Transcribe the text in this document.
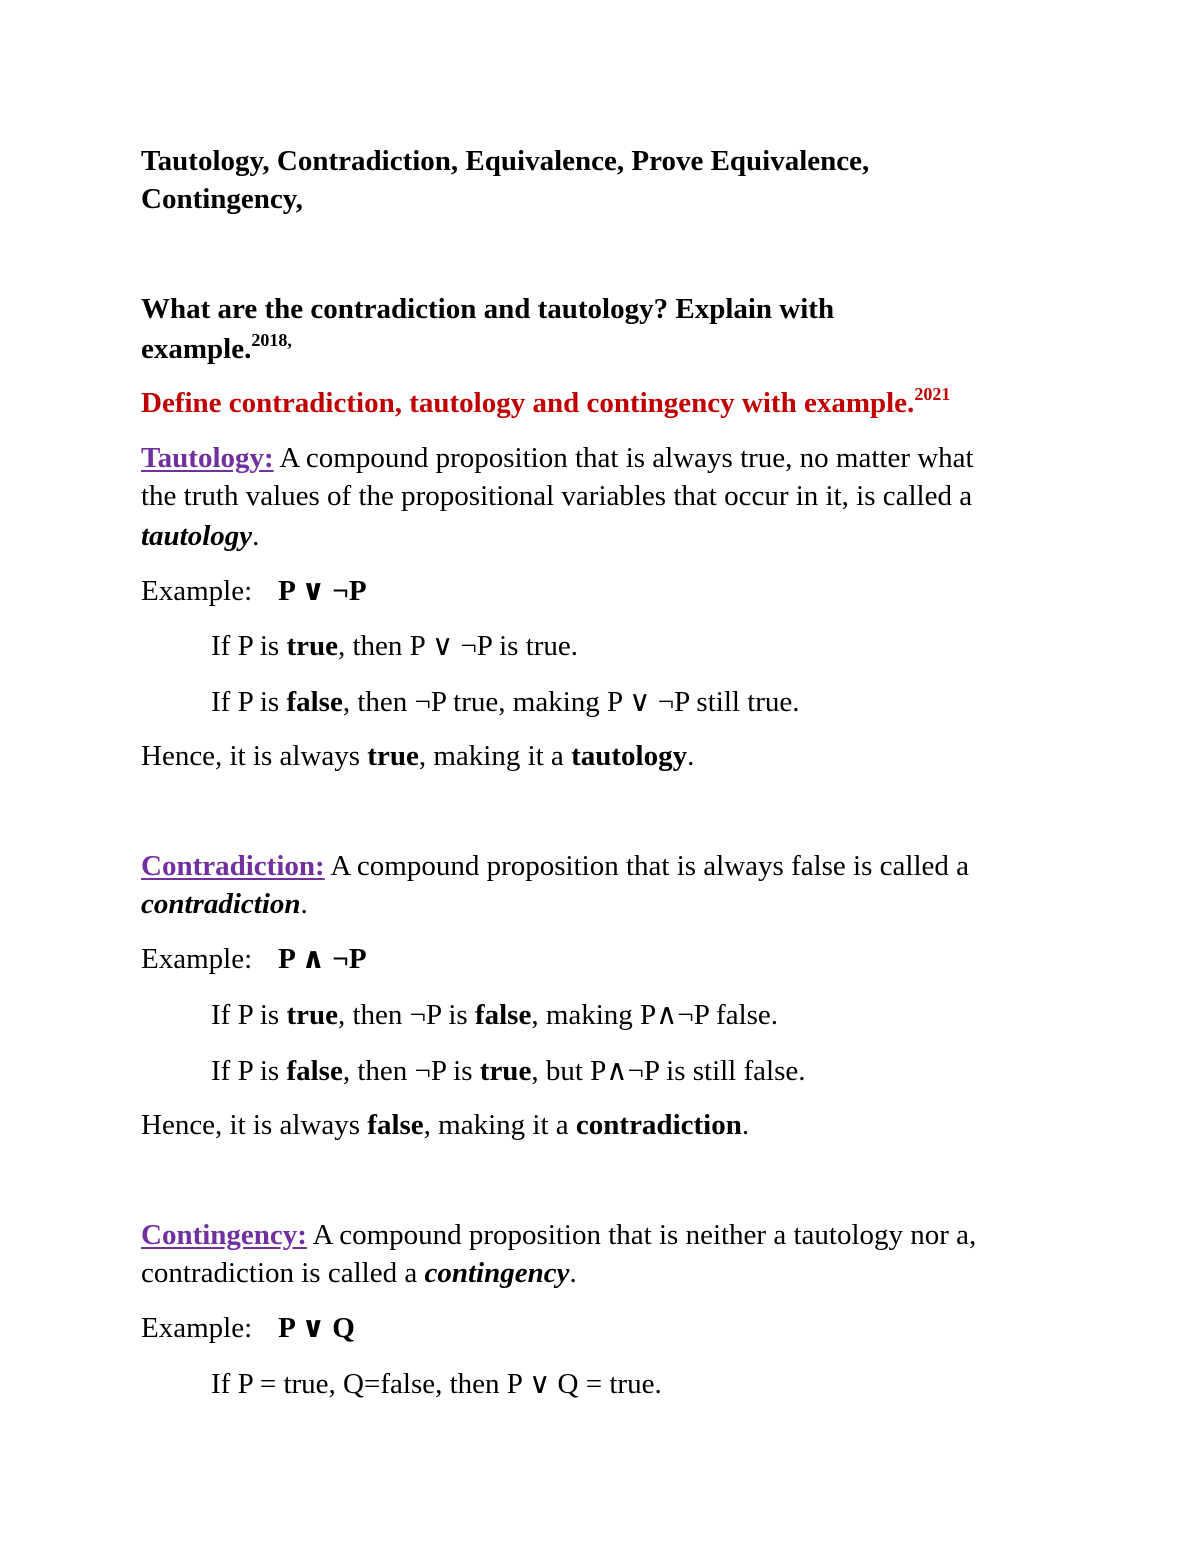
Tautology, Contradiction, Equivalence, Prove Equivalence,

Contingency,

What are the contradiction and tautology? Explain with

example.$^{2018,}$

Define contradiction, tautology and contingency with example.$^{2021}$

Tautology: A compound proposition that is always true, no matter what

the truth values of the propositional variables that occur in it, is called a

tautology.

Example: P ∨ ¬P

If P is true, then P ∨ ¬P is true.

If P is false, then ¬P true, making P ∨ ¬P still true.

Hence, it is always true, making it a tautology.

Contradiction: A compound proposition that is always false is called a

contradiction.

Example: P ∧ ¬P

If P is true, then ¬P is false, making P∧¬P false.

If P is false, then ¬P is true, but P∧¬P is still false.

Hence, it is always false, making it a contradiction.

Contingency: A compound proposition that is neither a tautology nor a,

contradiction is called a contingency.

Example: P ∨ Q

If P = true, Q=false, then P ∨ Q = true.
